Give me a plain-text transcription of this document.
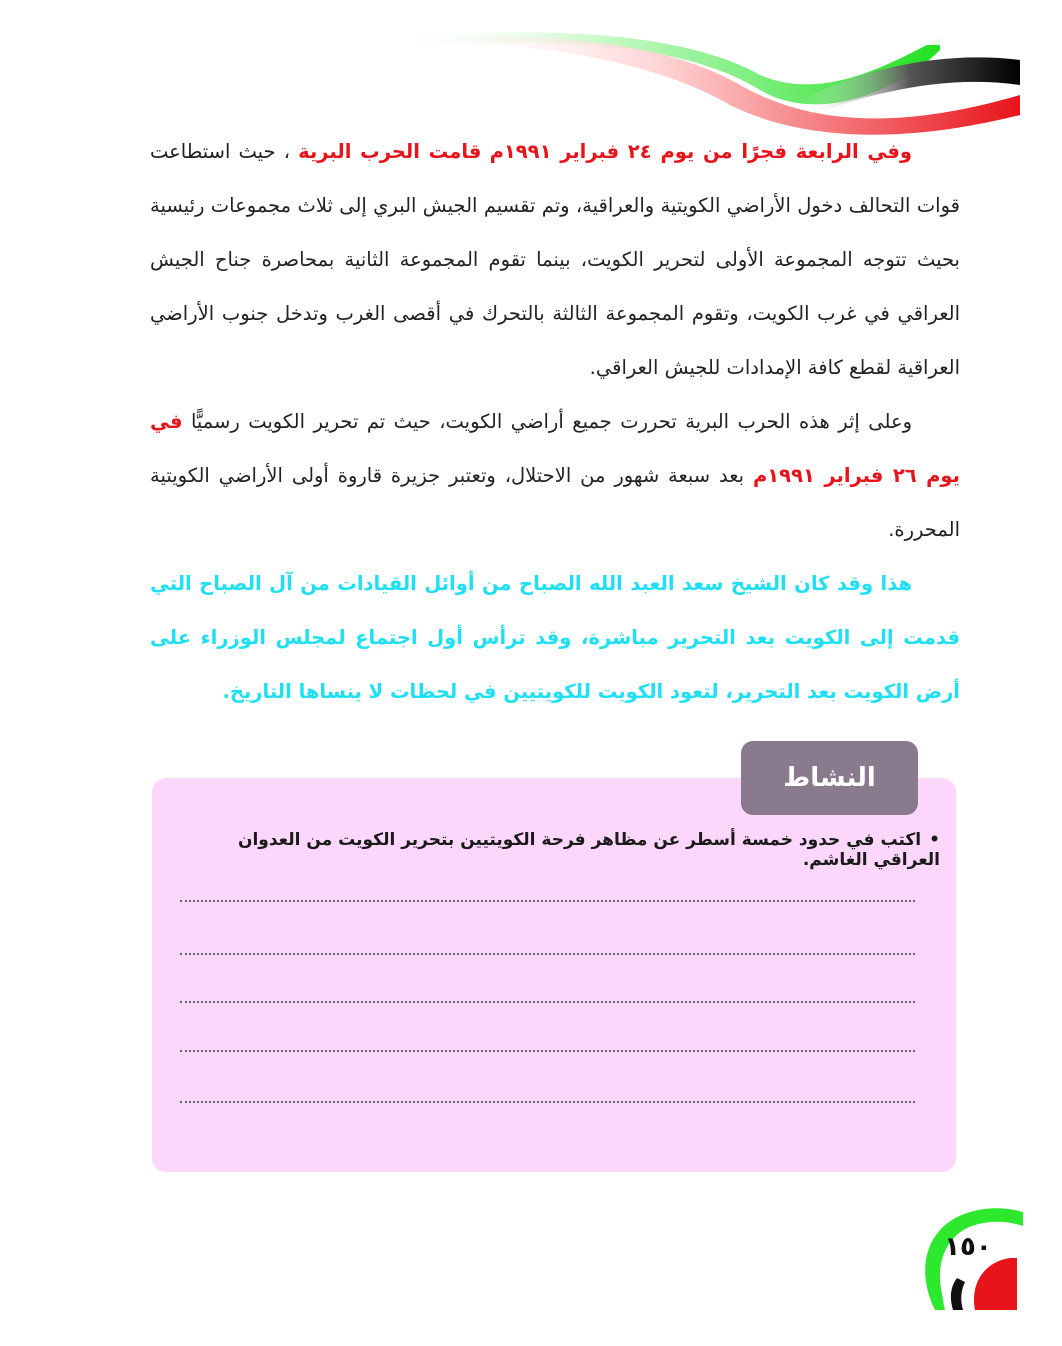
وفي الرابعة فجرًا من يوم ٢٤ فبراير ١٩٩١م قامت الحرب البرية ، حيث استطاعت قوات التحالف دخول الأراضي الكويتية والعراقية، وتم تقسيم الجيش البري إلى ثلاث مجموعات رئيسية بحيث تتوجه المجموعة الأولى لتحرير الكويت، بينما تقوم المجموعة الثانية بمحاصرة جناح الجيش العراقي في غرب الكويت، وتقوم المجموعة الثالثة بالتحرك في أقصى الغرب وتدخل جنوب الأراضي العراقية لقطع كافة الإمدادات للجيش العراقي.

وعلى إثر هذه الحرب البرية تحررت جميع أراضي الكويت، حيث تم تحرير الكويت رسميًّا في يوم ٢٦ فبراير ١٩٩١م بعد سبعة شهور من الاحتلال، وتعتبر جزيرة قاروة أولى الأراضي الكويتية المحررة.

هذا وقد كان الشيخ سعد العبد الله الصباح من أوائل القيادات من آل الصباح التي قدمت إلى الكويت بعد التحرير مباشرة، وقد ترأس أول اجتماع لمجلس الوزراء على أرض الكويت بعد التحرير، لتعود الكويت للكويتيين في لحظات لا ينساها التاريخ.

النشاط
•اكتب في حدود خمسة أسطر عن مظاهر فرحة الكويتيين بتحرير الكويت من العدوان العراقي الغاشم.
١٥٠
